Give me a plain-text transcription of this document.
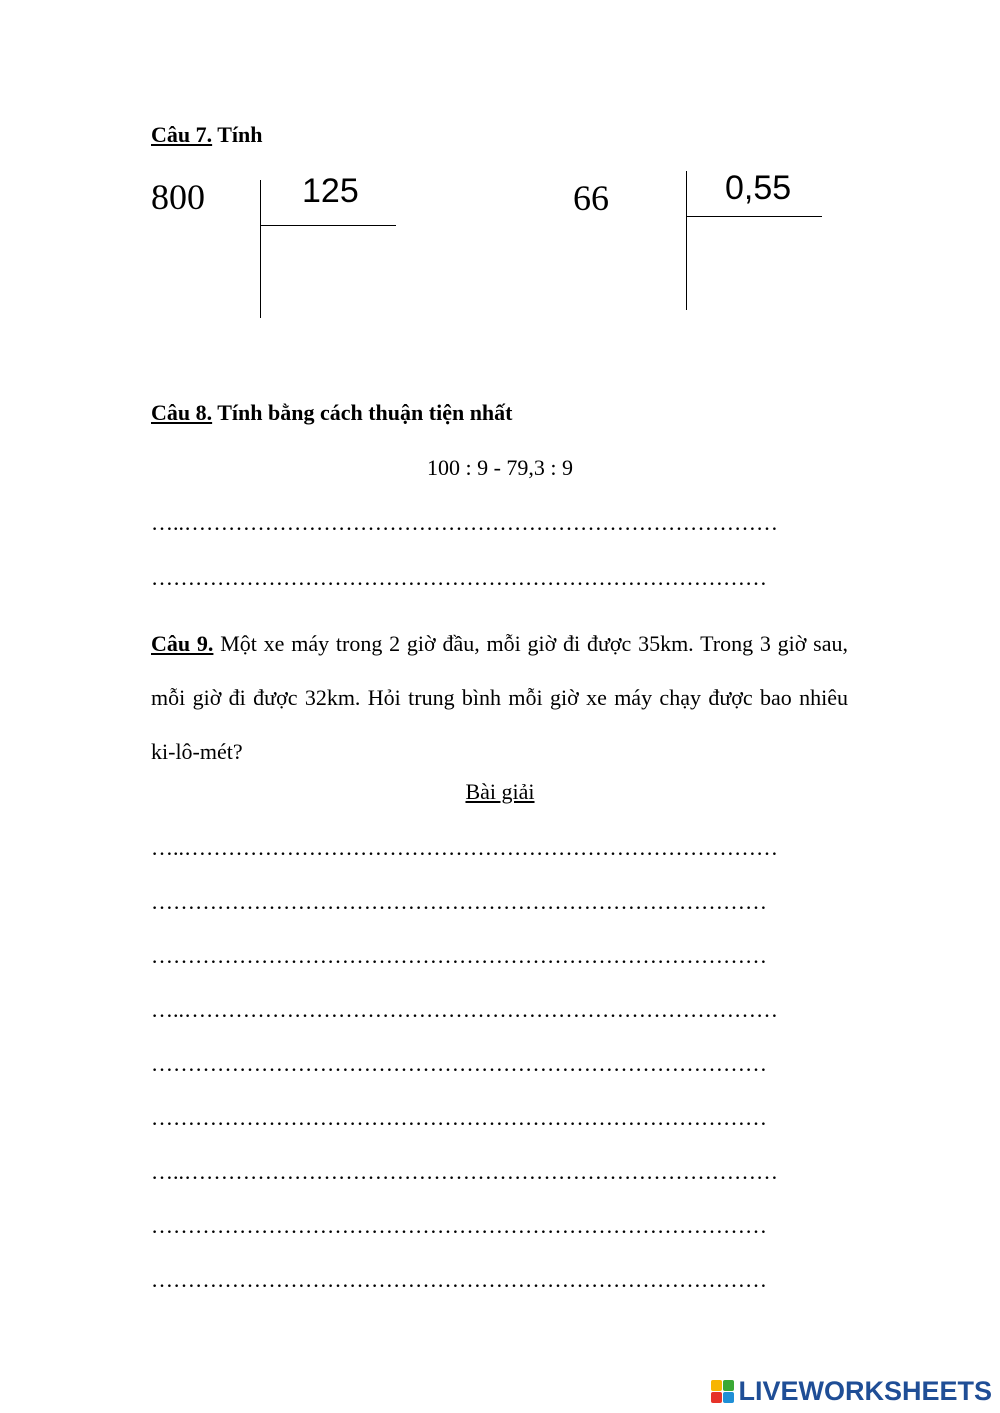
Câu 7. Tính
800	125	66	0,55
Câu 8. Tính bằng cách thuận tiện nhất
100 : 9 - 79,3 : 9
…..………………………………………………………………………
…………………………………………………………………………
Câu 9. Một xe máy trong 2 giờ đầu, mỗi giờ đi được 35km. Trong 3 giờ sau, mỗi giờ đi được 32km. Hỏi trung bình mỗi giờ xe máy chạy được bao nhiêu ki-lô-mét?
Bài giải
…..………………………………………………………………………
…………………………………………………………………………
…………………………………………………………………………
…..………………………………………………………………………
…………………………………………………………………………
…………………………………………………………………………
…..………………………………………………………………………
…………………………………………………………………………
…………………………………………………………………………
LIVEWORKSHEETS
